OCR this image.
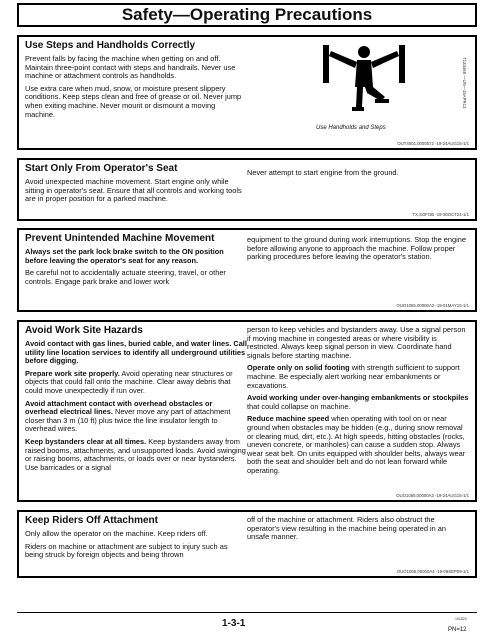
Safety—Operating Precautions
Use Steps and Handholds Correctly

Prevent falls by facing the machine when getting on and off. Maintain three-point contact with steps and handrails. Never use machine or attachment controls as handholds.

Use extra care when mud, snow, or moisture present slippery conditions. Keep steps clean and free of grease or oil. Never jump when exiting machine. Never mount or dismount a moving machine.

Use Handholds and Steps
T133468 —UN—15APR13
OUT4001,0000572 -19-24AUG15-1/1
Start Only From Operator's Seat

Avoid unexpected machine movement. Start engine only while sitting in operator's seat. Ensure that all controls and working tools are in proper position for a parked machine.

Never attempt to start engine from the ground.

TX,SOFOB -19-30OCT24-1/1
Prevent Unintended Machine Movement

Always set the park lock brake switch to the ON position before leaving the operator's seat for any reason.

Be careful not to accidentally actuate steering, travel, or other controls. Engage park brake and lower work

equipment to the ground during work interruptions. Stop the engine before allowing anyone to approach the machine. Follow proper parking procedures before leaving the operator's station.

OUO1065,00000A2 -19-01MAY15-1/1
Avoid Work Site Hazards

Avoid contact with gas lines, buried cable, and water lines. Call utility line location services to identify all underground utilities before digging.

Prepare work site properly. Avoid operating near structures or objects that could fall onto the machine. Clear away debris that could move unexpectedly if run over.

Avoid attachment contact with overhead obstacles or overhead electrical lines. Never move any part of attachment closer than 3 m (10 ft) plus twice the line insulator length to overhead wires.

Keep bystanders clear at all times. Keep bystanders away from raised booms, attachments, and unsupported loads. Avoid swinging or raising booms, attachments, or loads over or near bystanders. Use barricades or a signal

person to keep vehicles and bystanders away. Use a signal person if moving machine in congested areas or where visibility is restricted. Always keep signal person in view. Coordinate hand signals before starting machine.

Operate only on solid footing with strength sufficient to support machine. Be especially alert working near embankments or excavations.

Avoid working under over-hanging embankments or stockpiles that could collapse on machine.

Reduce machine speed when operating with tool on or near ground when obstacles may be hidden (e.g., during snow removal or clearing mud, dirt, etc.). At high speeds, hitting obstacles (rocks, uneven concrete, or manholes) can cause a sudden stop. Always wear seat belt. On units equipped with shoulder belts, always wear both the seat and shoulder belt and do not lean forward while operating.

OUO1065,00000A3 -19-24AUG15-1/1
Keep Riders Off Attachment

Only allow the operator on the machine. Keep riders off.

Riders on machine or attachment are subject to injury such as being struck by foreign objects and being thrown

off of the machine or attachment. Riders also obstruct the operator's view resulting in the machine being operated in an unsafe manner.

OUO1065,00000A4 -19-09SEP09-1/1
1-3-1	101820
PN=12
